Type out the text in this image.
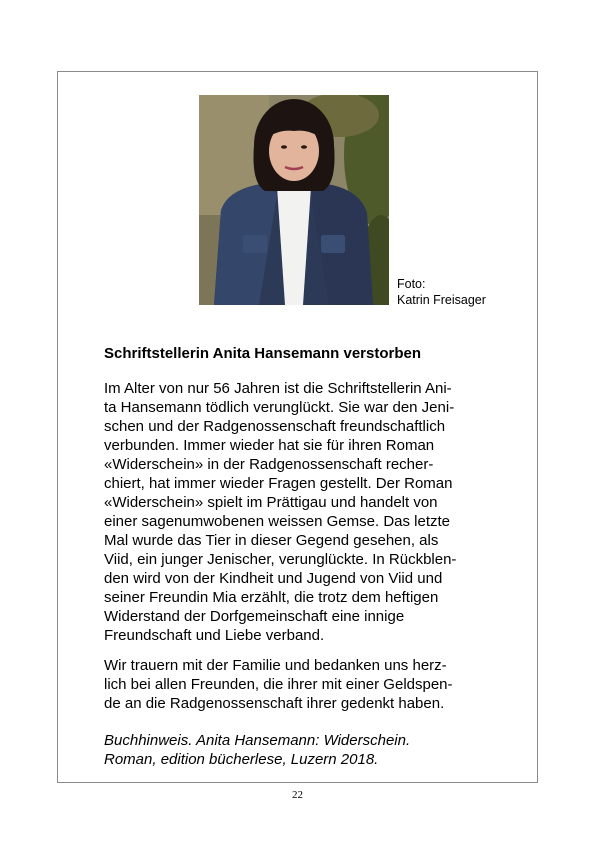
Foto:
Katrin Freisager
Schriftstellerin Anita Hansemann verstorben

Im Alter von nur 56 Jahren ist die Schriftstellerin Ani-
ta Hansemann tödlich verunglückt. Sie war den Jeni-
schen und der Radgenossenschaft freundschaftlich
verbunden. Immer wieder hat sie für ihren Roman
«Widerschein» in der Radgenossenschaft recher-
chiert, hat immer wieder Fragen gestellt. Der Roman
«Widerschein» spielt im Prättigau und handelt von
einer sagenumwobenen weissen Gemse. Das letzte
Mal wurde das Tier in dieser Gegend gesehen, als
Viid, ein junger Jenischer, verunglückte. In Rückblen-
den wird von der Kindheit und Jugend von Viid und
seiner Freundin Mia erzählt, die trotz dem heftigen
Widerstand der Dorfgemeinschaft eine innige
Freundschaft und Liebe verband.

Wir trauern mit der Familie und bedanken uns herz-
lich bei allen Freunden, die ihrer mit einer Geldspen-
de an die Radgenossenschaft ihrer gedenkt haben.

Buchhinweis. Anita Hansemann: Widerschein.
Roman, edition bücherlese, Luzern 2018.

22
